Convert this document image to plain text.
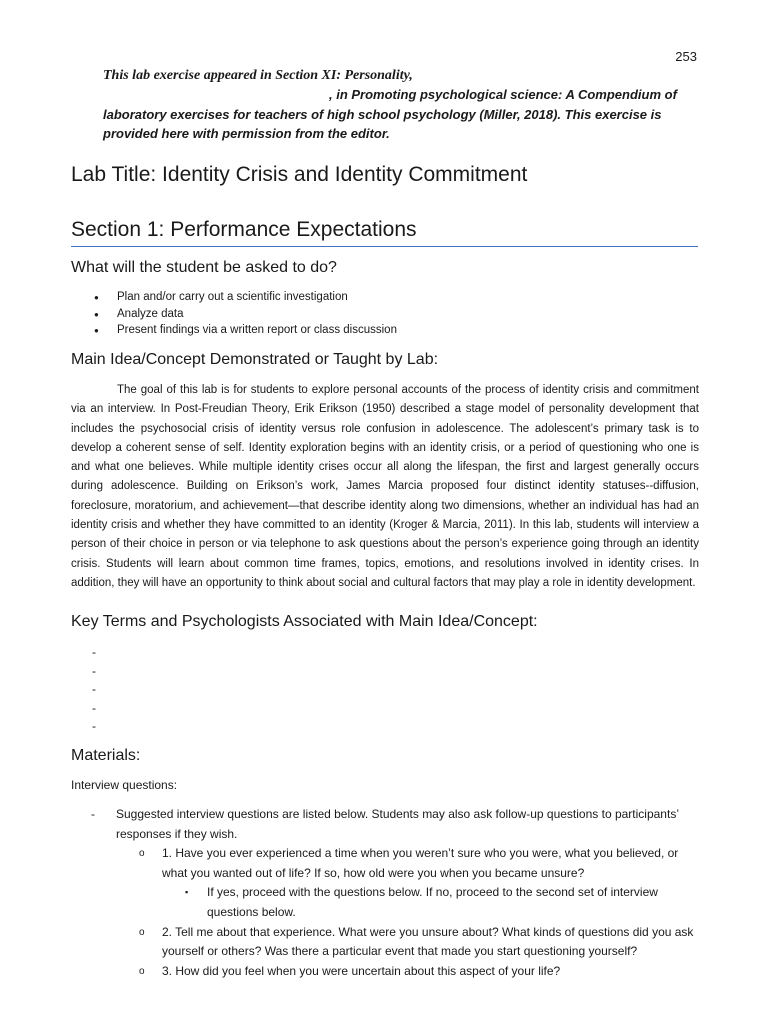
253
This lab exercise appeared in Section XI: Personality,
, in Promoting psychological science: A Compendium of
laboratory exercises for teachers of high school psychology (Miller, 2018). This exercise is
provided here with permission from the editor.
Lab Title: Identity Crisis and Identity Commitment
Section 1: Performance Expectations
What will the student be asked to do?
● Plan and/or carry out a scientific investigation
● Analyze data
● Present findings via a written report or class discussion
Main Idea/Concept Demonstrated or Taught by Lab:

The goal of this lab is for students to explore personal accounts of the process of identity crisis and commitment via an interview. In Post-Freudian Theory, Erik Erikson (1950) described a stage model of personality development that includes the psychosocial crisis of identity versus role confusion in adolescence. The adolescent’s primary task is to develop a coherent sense of self. Identity exploration begins with an identity crisis, or a period of questioning who one is and what one believes. While multiple identity crises occur all along the lifespan, the first and largest generally occurs during adolescence. Building on Erikson’s work, James Marcia proposed four distinct identity statuses--diffusion, foreclosure, moratorium, and achievement—that describe identity along two dimensions, whether an individual has had an identity crisis and whether they have committed to an identity (Kroger & Marcia, 2011). In this lab, students will interview a person of their choice in person or via telephone to ask questions about the person’s experience going through an identity crisis. Students will learn about common time frames, topics, emotions, and resolutions involved in identity crises. In addition, they will have an opportunity to think about social and cultural factors that may play a role in identity development.

Key Terms and Psychologists Associated with Main Idea/Concept:
-
-
-
-
-
Materials:

Interview questions:

- Suggested interview questions are listed below. Students may also ask follow-up questions to participants’ responses if they wish.
o 1. Have you ever experienced a time when you weren’t sure who you were, what you believed, or what you wanted out of life? If so, how old were you when you became unsure?
▪ If yes, proceed with the questions below. If no, proceed to the second set of interview questions below.
o 2. Tell me about that experience. What were you unsure about? What kinds of questions did you ask yourself or others? Was there a particular event that made you start questioning yourself?
o 3. How did you feel when you were uncertain about this aspect of your life?
